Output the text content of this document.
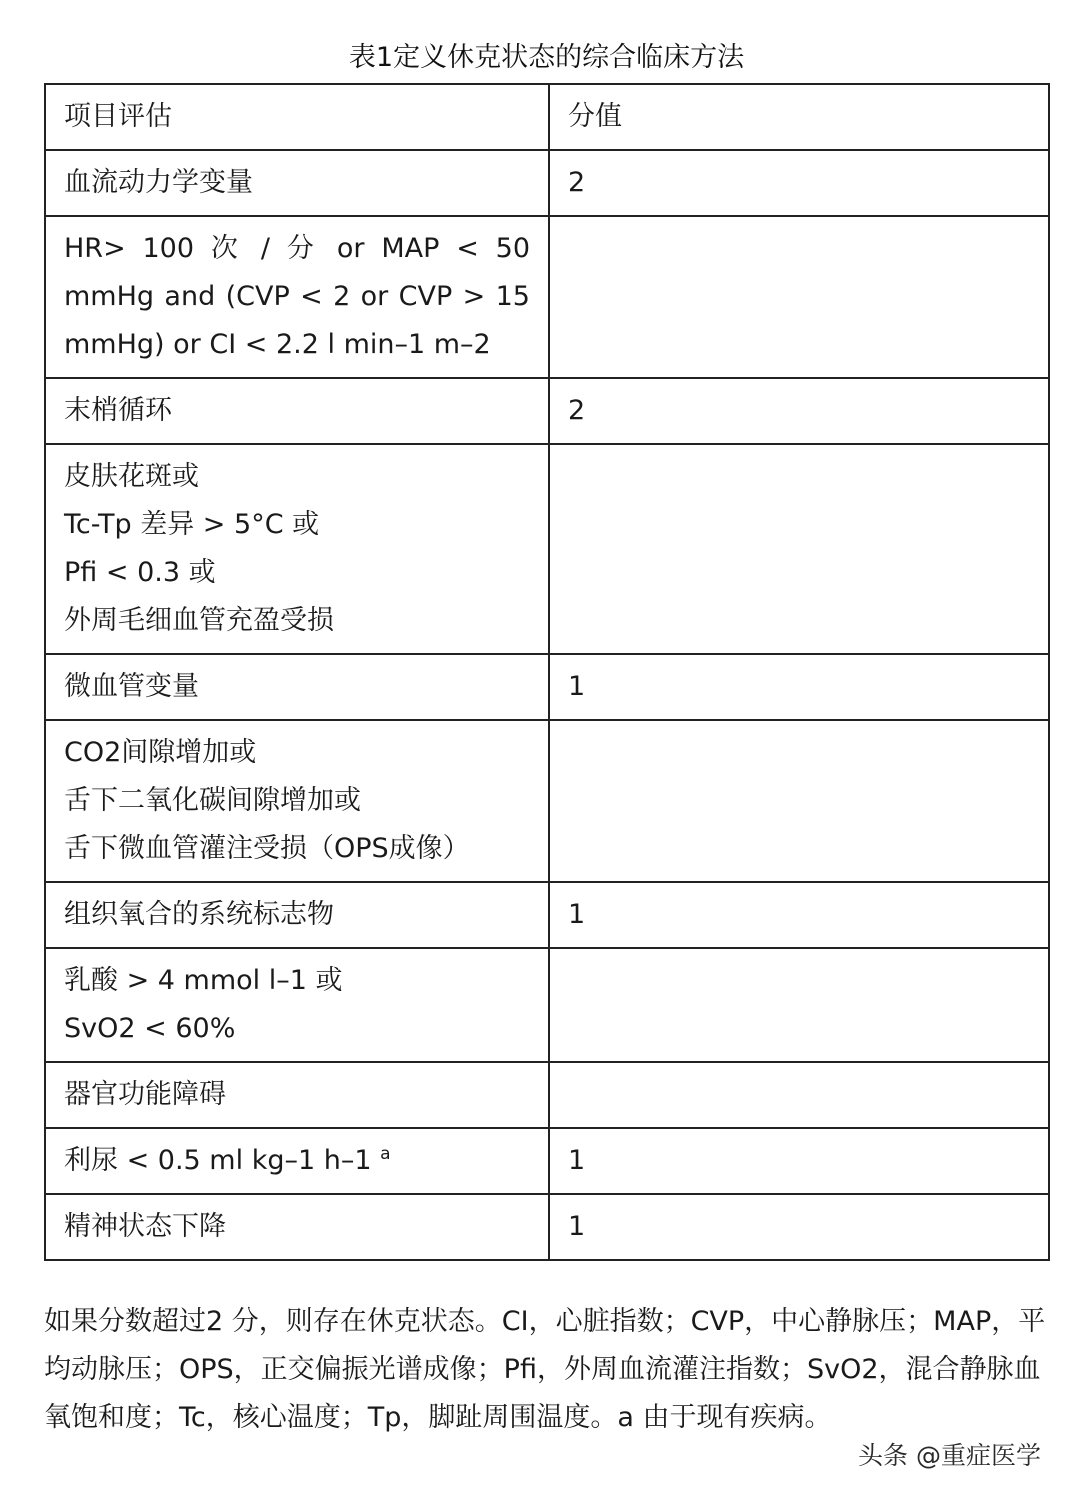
表1定义休克状态的综合临床方法
项目评估	分值

血流动力学变量	2

HR> 100 次 / 分 or MAP < 50
mmHg and (CVP < 2 or CVP > 15
mmHg) or CI < 2.2 l min–1 m–2	

末梢循环	2

皮肤花斑或
Tc-Tp 差异 > 5°C 或
Pfi < 0.3 或
外周毛细血管充盈受损	

微血管变量	1

CO2间隙增加或
舌下二氧化碳间隙增加或
舌下微血管灌注受损（OPS成像）	

组织氧合的系统标志物	1

乳酸 > 4 mmol l–1 或
SvO2 < 60%	

器官功能障碍	

利尿 < 0.5 ml kg–1 h–1 $^a$	1

精神状态下降	1
如果分数超过2 分，则存在休克状态。CI，心脏指数；CVP，中心静脉压；MAP，平均动脉压；OPS，正交偏振光谱成像；Pfi，外周血流灌注指数；SvO2，混合静脉血氧饱和度；Tc，核心温度；Tp，脚趾周围温度。a 由于现有疾病。
头条 @重症医学
